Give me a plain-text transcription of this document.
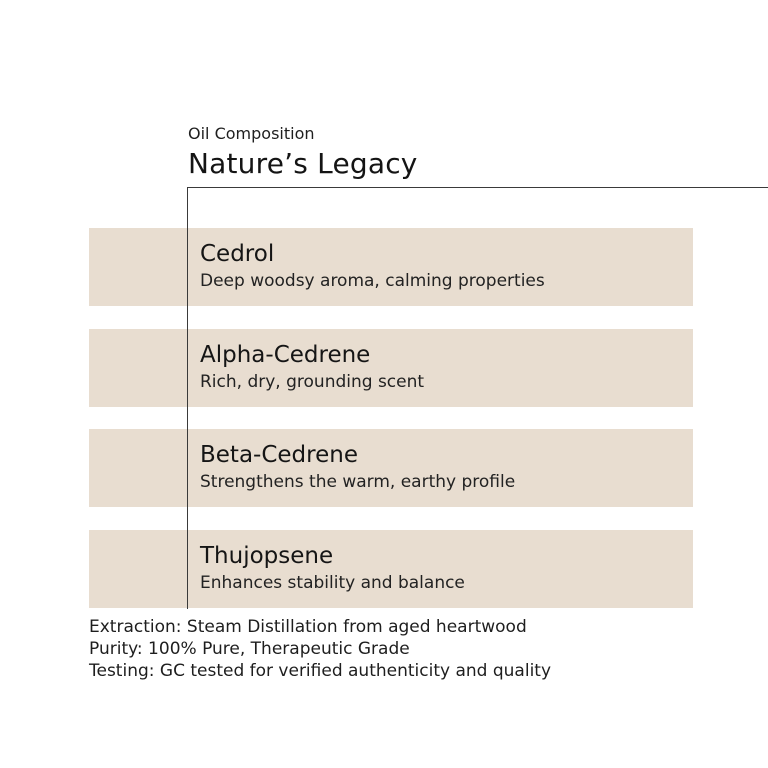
Oil Composition
Nature’s Legacy
Cedrol
Deep woodsy aroma, calming properties
Alpha-Cedrene
Rich, dry, grounding scent
Beta-Cedrene
Strengthens the warm, earthy profile
Thujopsene
Enhances stability and balance
Extraction: Steam Distillation from aged heartwood
Purity: 100% Pure, Therapeutic Grade
Testing: GC tested for verified authenticity and quality
